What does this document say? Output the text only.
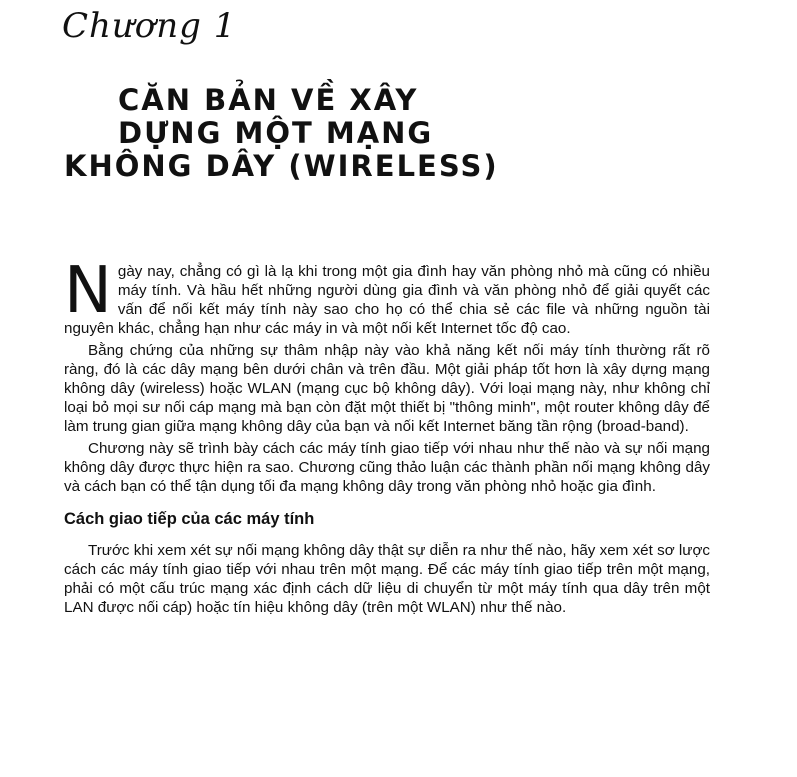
Chương 1
CĂN BẢN VỀ XÂY
DỰNG MỘT MẠNG
KHÔNG DÂY (WIRELESS)

Ngày nay, chẳng có gì là lạ khi trong một gia đình hay văn phòng nhỏ mà cũng có nhiều máy tính. Và hầu hết những người dùng gia đình và văn phòng nhỏ để giải quyết các vấn để nối kết máy tính này sao cho họ có thể chia sẻ các file và những nguồn tài nguyên khác, chẳng hạn như các máy in và một nối kết Internet tốc độ cao.

Bằng chứng của những sự thâm nhập này vào khả năng kết nối máy tính thường rất rõ ràng, đó là các dây mạng bên dưới chân và trên đầu. Một giải pháp tốt hơn là xây dựng mạng không dây (wireless) hoặc WLAN (mạng cục bộ không dây). Với loại mạng này, như không chỉ loại bỏ mọi sư nối cáp mạng mà bạn còn đặt một thiết bị "thông minh", một router không dây để làm trung gian giữa mạng không dây của bạn và nối kết Internet băng tần rộng (broad-band).

Chương này sẽ trình bày cách các máy tính giao tiếp với nhau như thế nào và sự nối mạng không dây được thực hiện ra sao. Chương cũng thảo luận các thành phần nối mạng không dây và cách bạn có thể tận dụng tối đa mạng không dây trong văn phòng nhỏ hoặc gia đình.

Cách giao tiếp của các máy tính

Trước khi xem xét sự nối mạng không dây thật sự diễn ra như thế nào, hãy xem xét sơ lược cách các máy tính giao tiếp với nhau trên một mạng. Để các máy tính giao tiếp trên một mạng, phải có một cấu trúc mạng xác định cách dữ liệu di chuyển từ một máy tính qua dây trên một LAN được nối cáp) hoặc tín hiệu không dây (trên một WLAN) như thế nào.
